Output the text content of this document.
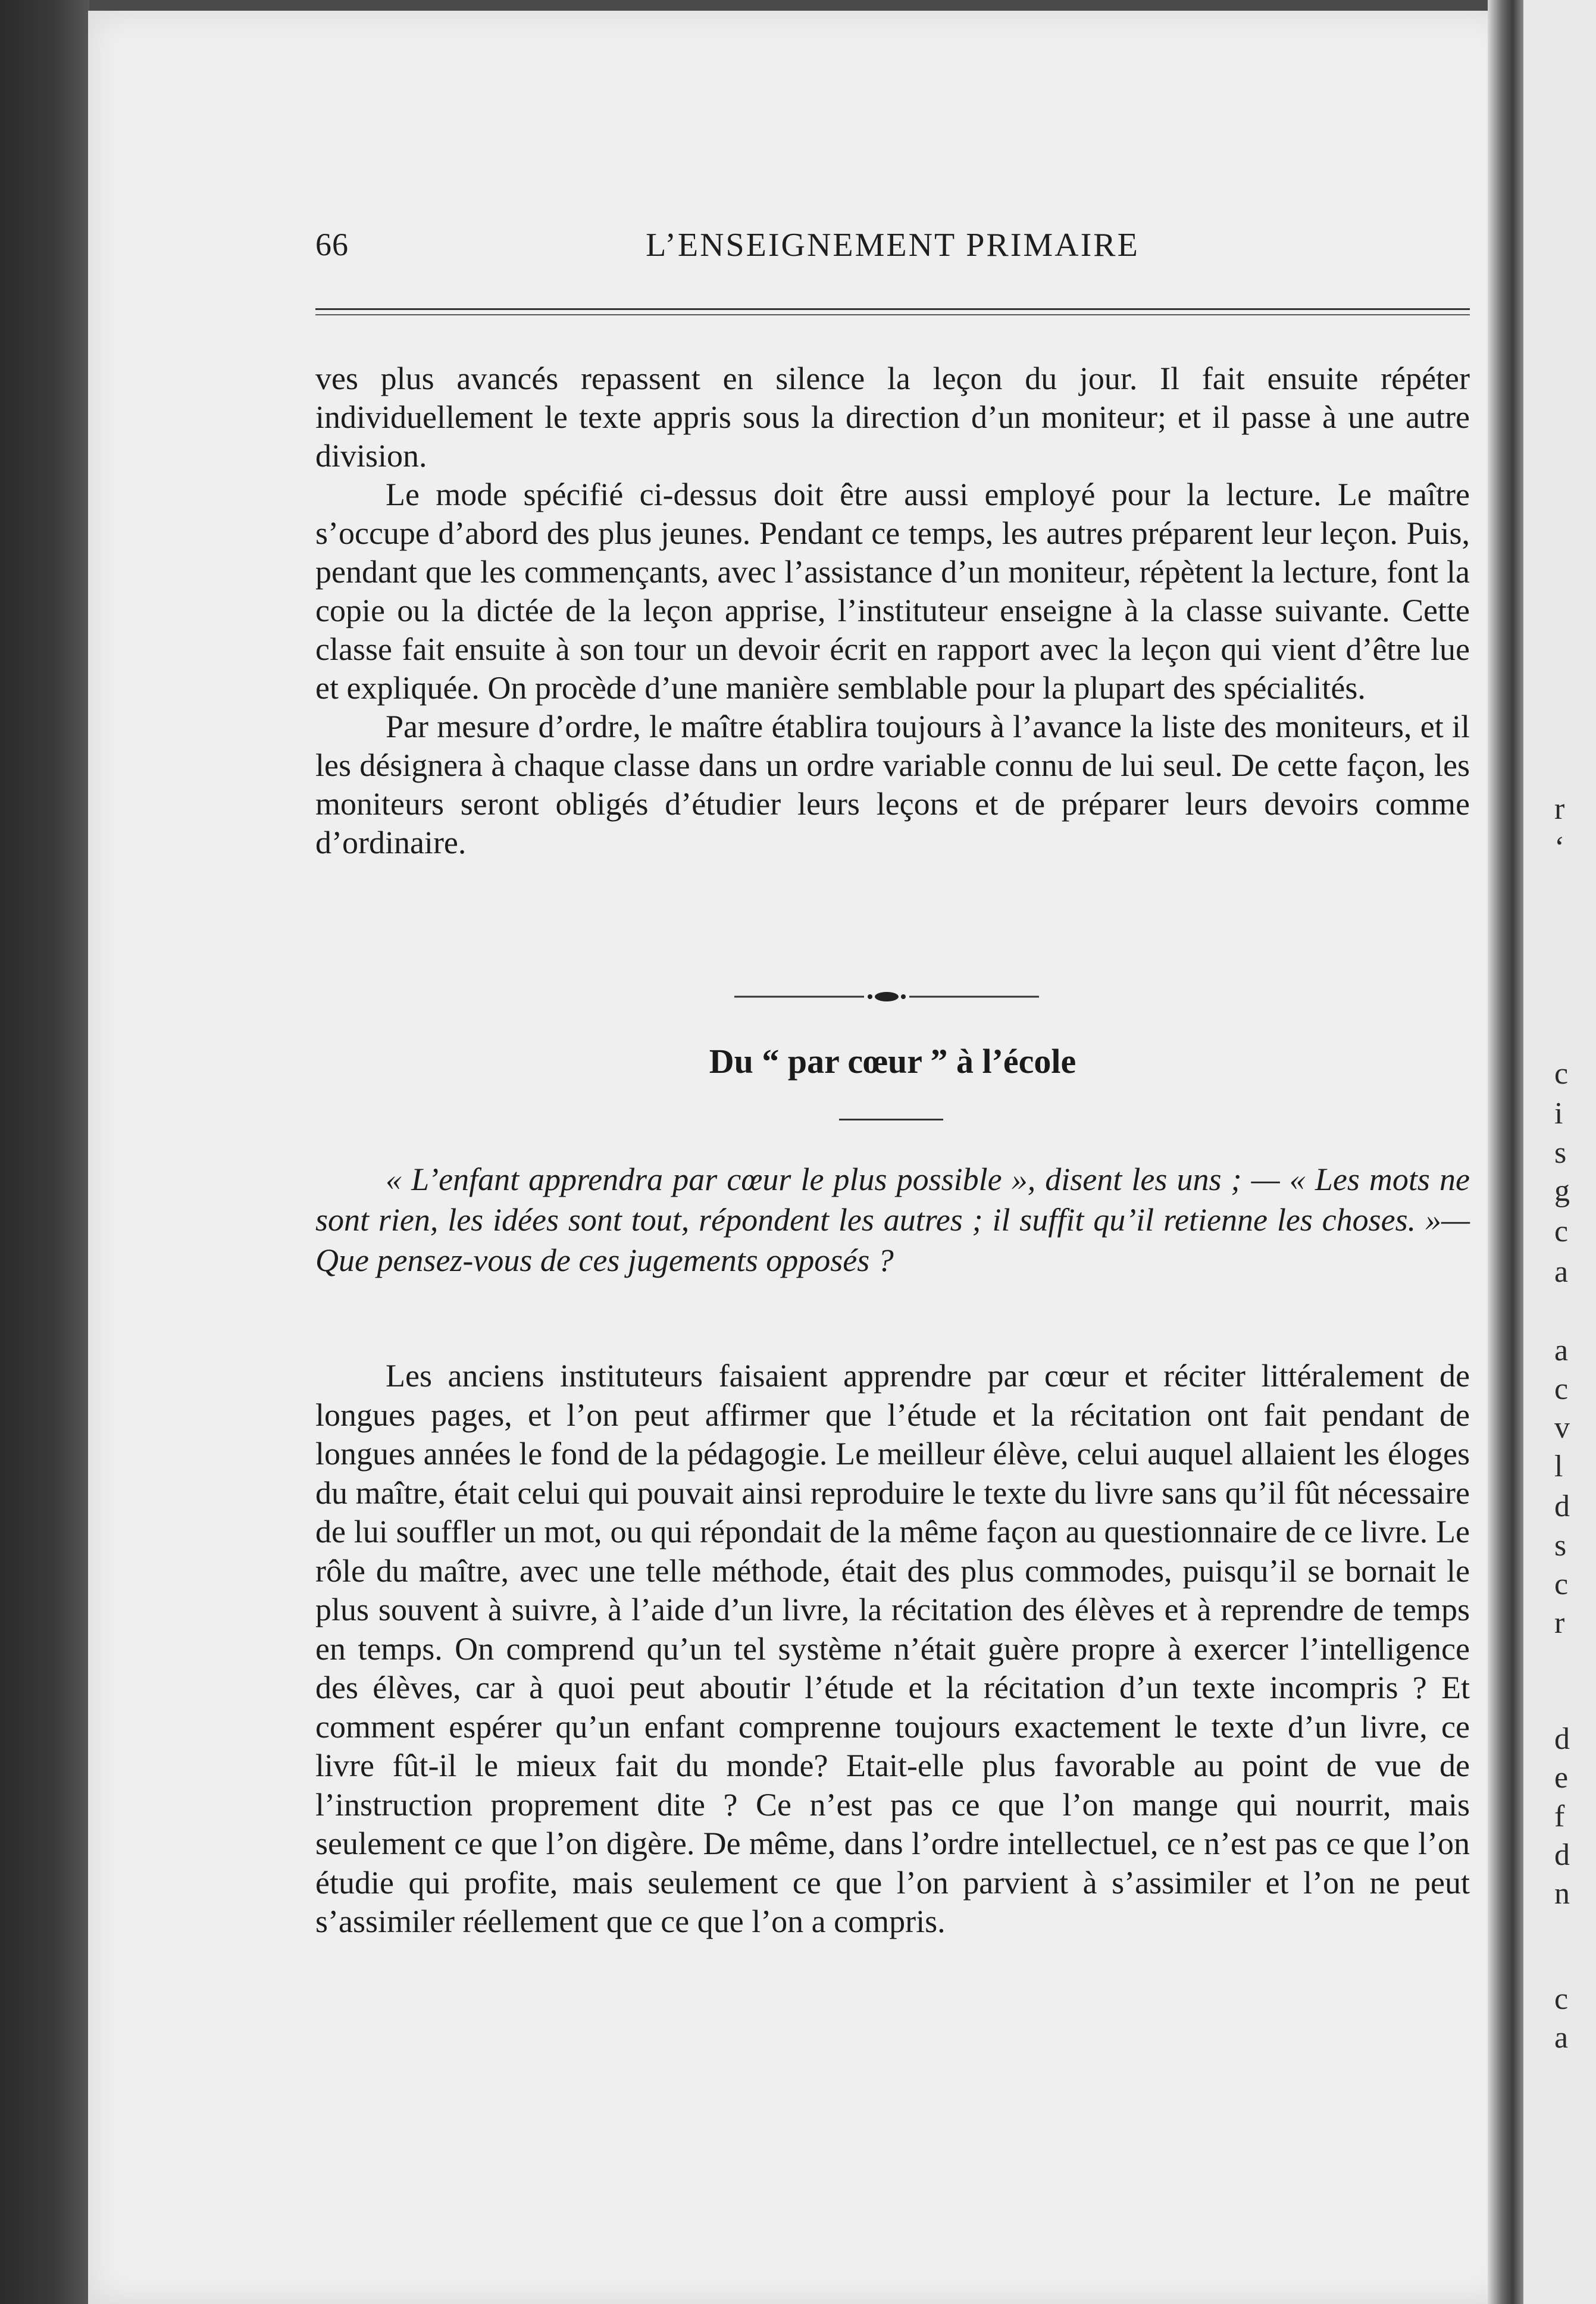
r
‘
c
i
s
g
c
a
a
c
v
l
d
s
c
r
d
e
f
d
n
c
a
66	L’ENSEIGNEMENT PRIMAIRE

ves plus avancés repassent en silence la leçon du jour. Il fait ensuite répéter individuellement le texte appris sous la direction d’un moniteur; et il passe à une autre division.

Le mode spécifié ci-dessus doit être aussi employé pour la lecture. Le maître s’occupe d’abord des plus jeunes. Pendant ce temps, les autres préparent leur leçon. Puis, pendant que les commençants, avec l’assistance d’un moniteur, répètent la lecture, font la copie ou la dictée de la leçon apprise, l’instituteur enseigne à la classe suivante. Cette classe fait ensuite à son tour un devoir écrit en rapport avec la leçon qui vient d’être lue et expliquée. On procède d’une manière semblable pour la plupart des spécialités.

Par mesure d’ordre, le maître établira toujours à l’avance la liste des moniteurs, et il les désignera à chaque classe dans un ordre variable connu de lui seul. De cette façon, les moniteurs seront obligés d’étudier leurs leçons et de préparer leurs devoirs comme d’ordinaire.

Du “ par cœur ” à l’école

« L’enfant apprendra par cœur le plus possible », disent les uns ; — « Les mots ne sont rien, les idées sont tout, répondent les autres ; il suffit qu’il retienne les choses. »—Que pensez-vous de ces jugements opposés ?

Les anciens instituteurs faisaient apprendre par cœur et réciter littéralement de longues pages, et l’on peut affirmer que l’étude et la récitation ont fait pendant de longues années le fond de la pédagogie. Le meilleur élève, celui auquel allaient les éloges du maître, était celui qui pouvait ainsi reproduire le texte du livre sans qu’il fût nécessaire de lui souffler un mot, ou qui répondait de la même façon au questionnaire de ce livre. Le rôle du maître, avec une telle méthode, était des plus commodes, puisqu’il se bornait le plus souvent à suivre, à l’aide d’un livre, la récitation des élèves et à reprendre de temps en temps. On comprend qu’un tel système n’était guère propre à exercer l’intelligence des élèves, car à quoi peut aboutir l’étude et la récitation d’un texte incompris ? Et comment espérer qu’un enfant comprenne toujours exactement le texte d’un livre, ce livre fût-il le mieux fait du monde? Etait-elle plus favorable au point de vue de l’instruction proprement dite ? Ce n’est pas ce que l’on mange qui nourrit, mais seulement ce que l’on digère. De même, dans l’ordre intellectuel, ce n’est pas ce que l’on étudie qui profite, mais seulement ce que l’on parvient à s’assimiler et l’on ne peut s’assimiler réellement que ce que l’on a compris.
